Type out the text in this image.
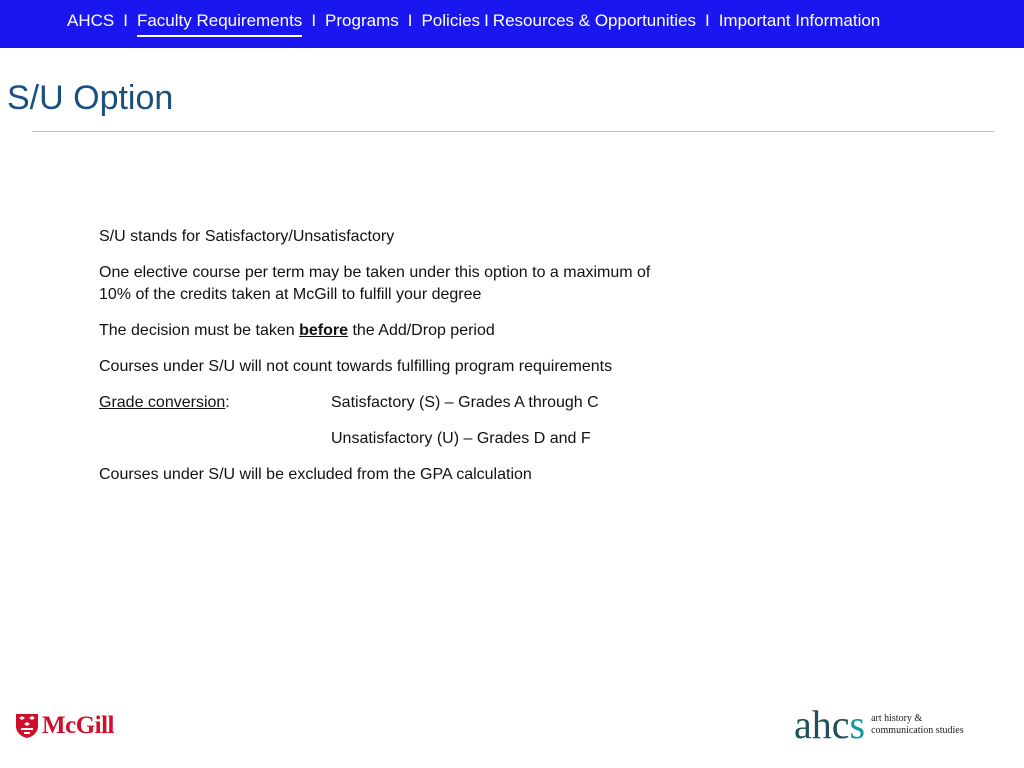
AHCS I Faculty Requirements I Programs I Policies I Resources & Opportunities I Important Information
S/U Option

S/U stands for Satisfactory/Unsatisfactory

One elective course per term may be taken under this option to a maximum of 10% of the credits taken at McGill to fulfill your degree

The decision must be taken before the Add/Drop period

Courses under S/U will not count towards fulfilling program requirements

Grade conversion:	Satisfactory (S) – Grades A through C
Unsatisfactory (U) – Grades D and F

Courses under S/U will be excluded from the GPA calculation

McGill	ahcs art history &
communication studies
